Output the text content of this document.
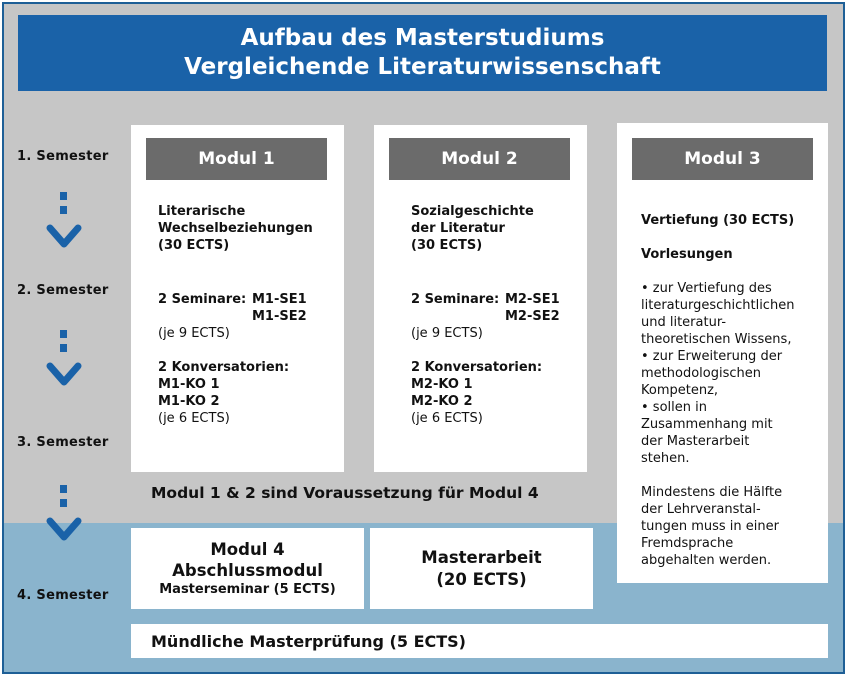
Aufbau des Masterstudiums
Vergleichende Literaturwissenschaft
1. Semester
2. Semester
3. Semester
4. Semester
Modul 1
Literarische
Wechselbeziehungen
(30 ECTS)
2 Seminare: M1-SE1
M1-SE2
(je 9 ECTS)
2 Konversatorien:
M1-KO 1
M1-KO 2
(je 6 ECTS)
Modul 2
Sozialgeschichte
der Literatur
(30 ECTS)
2 Seminare: M2-SE1
M2-SE2
(je 9 ECTS)
2 Konversatorien:
M2-KO 1
M2-KO 2
(je 6 ECTS)
Modul 3

Vertiefung (30 ECTS)

Vorlesungen

• zur Vertiefung des

literaturgeschichtlichen

und literatur-

theoretischen Wissens,

• zur Erweiterung der

methodologischen

Kompetenz,

• sollen in

Zusammenhang mit

der Masterarbeit

stehen.

Mindestens die Hälfte

der Lehrveranstal-

tungen muss in einer

Fremdsprache

abgehalten werden.

Modul 1 & 2 sind Voraussetzung für Modul 4
Modul 4
Abschlussmodul
Masterseminar (5 ECTS)
Masterarbeit
(20 ECTS)
Mündliche Masterprüfung (5 ECTS)
